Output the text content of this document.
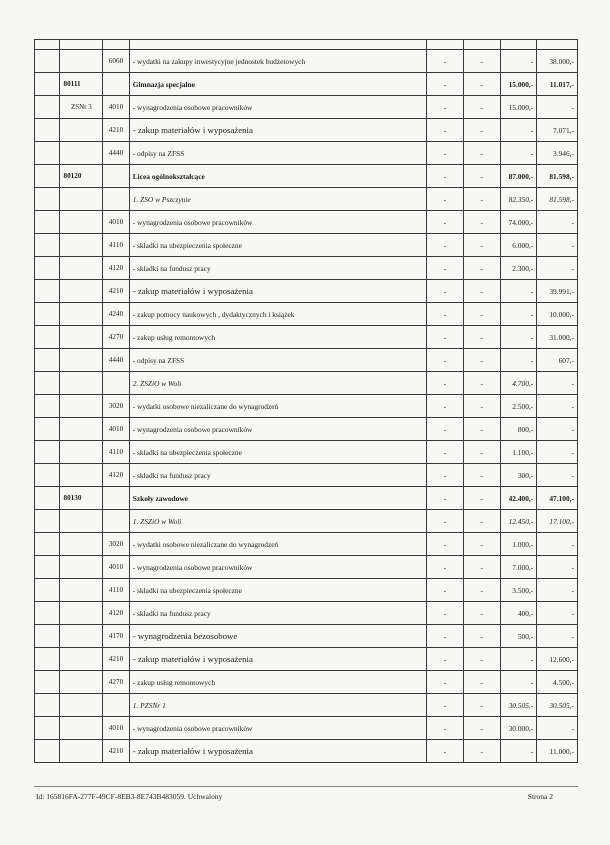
		6060	- wydatki na zakupy inwestycyjne jednostek budżetowych	-	-	-	38.000,-
	80111		Gimnazja specjalne	-	-	15.000,-	11.017,-
	ZSNr 3	4010	- wynagrodzenia osobowe pracowników	-	-	15.000,-	-
		4210	- zakup materiałów i wyposażenia	-	-	-	7.071,-
		4440	- odpisy na ZFSS	-	-	-	3.946,-
	80120		Licea ogólnokształcące	-	-	87.000,-	81.598,-
			1. ZSO w Pszczynie	-	-	82.350,-	81.598,-
		4010	- wynagrodzenia osobowe pracowników	-	-	74.000,-	-
		4110	- składki na ubezpieczenia społeczne	-	-	6.000,-	-
		4120	- składki na fundusz pracy	-	-	2.300,-	-
		4210	- zakup materiałów i wyposażenia	-	-	-	39.991,-
		4240	- zakup pomocy naukowych , dydaktycznych i książek	-	-	-	10.000,-
		4270	- zakup usług remontowych	-	-	-	31.000,-
		4440	- odpisy na ZFSS	-	-	-	607,-
			2. ZSZiO w Woli	-	-	4.700,-	-
		3020	- wydatki osobowe niezaliczane do wynagrodzeń	-	-	2.500,-	-
		4010	- wynagrodzenia osobowe pracowników	-	-	800,-	-
		4110	- składki na ubezpieczenia społeczne	-	-	1.100,-	-
		4120	- składki na fundusz pracy	-	-	300,-	-
	80130		Szkoły zawodowe	-	-	42.400,-	47.100,-
			1. ZSZiO w Woli	-	-	12.450,-	17.100,-
		3020	- wydatki osobowe niezaliczane do wynagrodzeń	-	-	1.000,-	-
		4010	- wynagrodzenia osobowe pracowników	-	-	7.000,-	-
		4110	- składki na ubezpieczenia społeczne	-	-	3.500,-	-
		4120	- składki na fundusz pracy	-	-	400,-	-
		4170	- wynagrodzenia bezosobowe	-	-	500,-	-
		4210	- zakup materiałów i wyposażenia	-	-	-	12.600,-
		4270	- zakup usług remontowych	-	-	-	4.500,-
			1. PZSNr 1	-	-	30.505,-	30.505,-
		4010	- wynagrodzenia osobowe pracowników	-	-	30.000,-	-
		4210	- zakup materiałów i wyposażenia	-	-	-	11.000,-
Id: 165816FA-277F-49CF-8EB3-8E743B483059. Uchwalony	Strona 2
